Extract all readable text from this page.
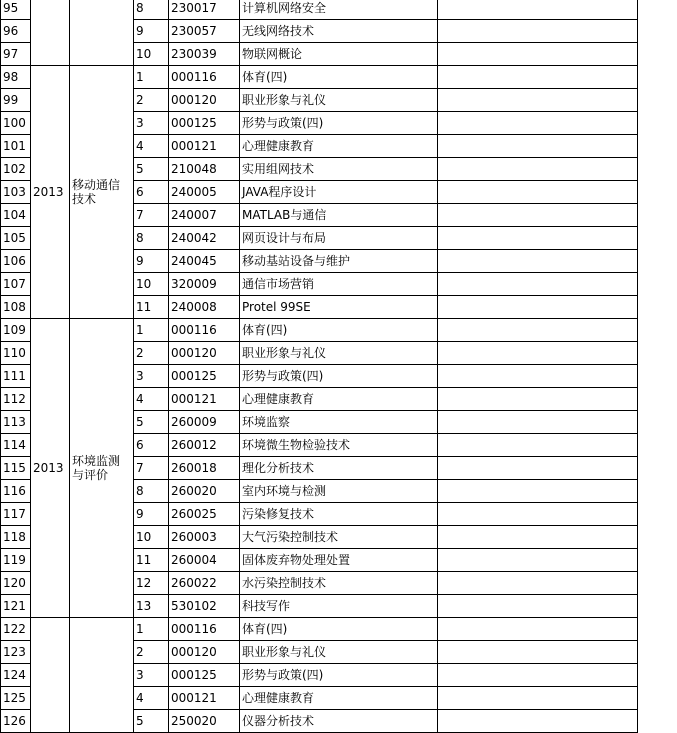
95			8	230017	计算机网络安全	
96			9	230057	无线网络技术	
97			10	230039	物联网概论	
98	2013	移动通信技术	1	000116	体育(四)	
99			2	000120	职业形象与礼仪	
100			3	000125	形势与政策(四)	
101			4	000121	心理健康教育	
102			5	210048	实用组网技术	
103			6	240005	JAVA程序设计	
104			7	240007	MATLAB与通信	
105			8	240042	网页设计与布局	
106			9	240045	移动基站设备与维护	
107			10	320009	通信市场营销	
108			11	240008	Protel 99SE	
109	2013	环境监测与评价	1	000116	体育(四)	
110			2	000120	职业形象与礼仪	
111			3	000125	形势与政策(四)	
112			4	000121	心理健康教育	
113			5	260009	环境监察	
114			6	260012	环境微生物检验技术	
115			7	260018	理化分析技术	
116			8	260020	室内环境与检测	
117			9	260025	污染修复技术	
118			10	260003	大气污染控制技术	
119			11	260004	固体废弃物处理处置	
120			12	260022	水污染控制技术	
121			13	530102	科技写作	
122			1	000116	体育(四)	
123			2	000120	职业形象与礼仪	
124			3	000125	形势与政策(四)	
125			4	000121	心理健康教育	
126			5	250020	仪器分析技术	
